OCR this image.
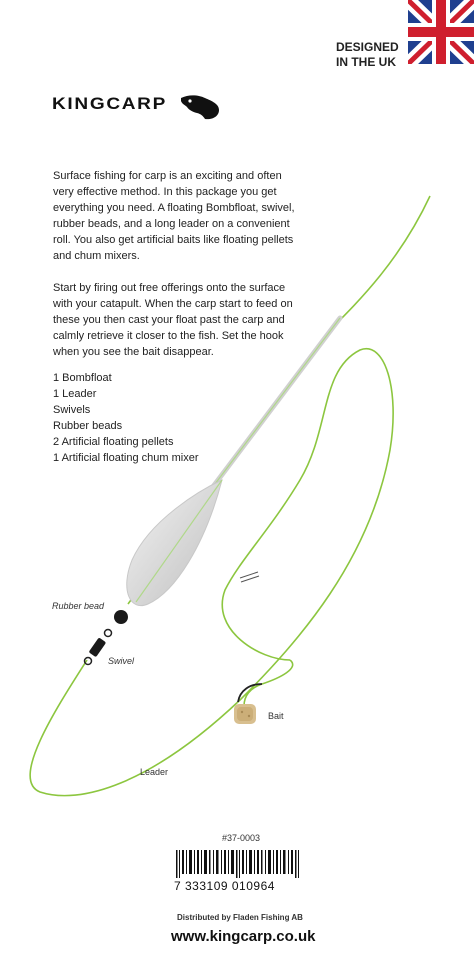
DESIGNED
IN THE UK
KINGCARP

Surface fishing for carp is an exciting and often very effective method. In this package you get everything you need. A floating Bombfloat, swivel, rubber beads, and a long leader on a convenient roll. You also get artificial baits like floating pellets and chum mixers.

Start by firing out free offerings onto the surface with your catapult. When the carp start to feed on these you then cast your float past the carp and calmly retrieve it closer to the fish. Set the hook when you see the bait disappear.

1 Bombfloat
1 Leader
Swivels
Rubber beads
2 Artificial floating pellets
1 Artificial floating chum mixer
Rubber bead
Swivel
Bait
Leader
#37-0003
7 333109 010964
Distributed by Fladen Fishing AB
www.kingcarp.co.uk
